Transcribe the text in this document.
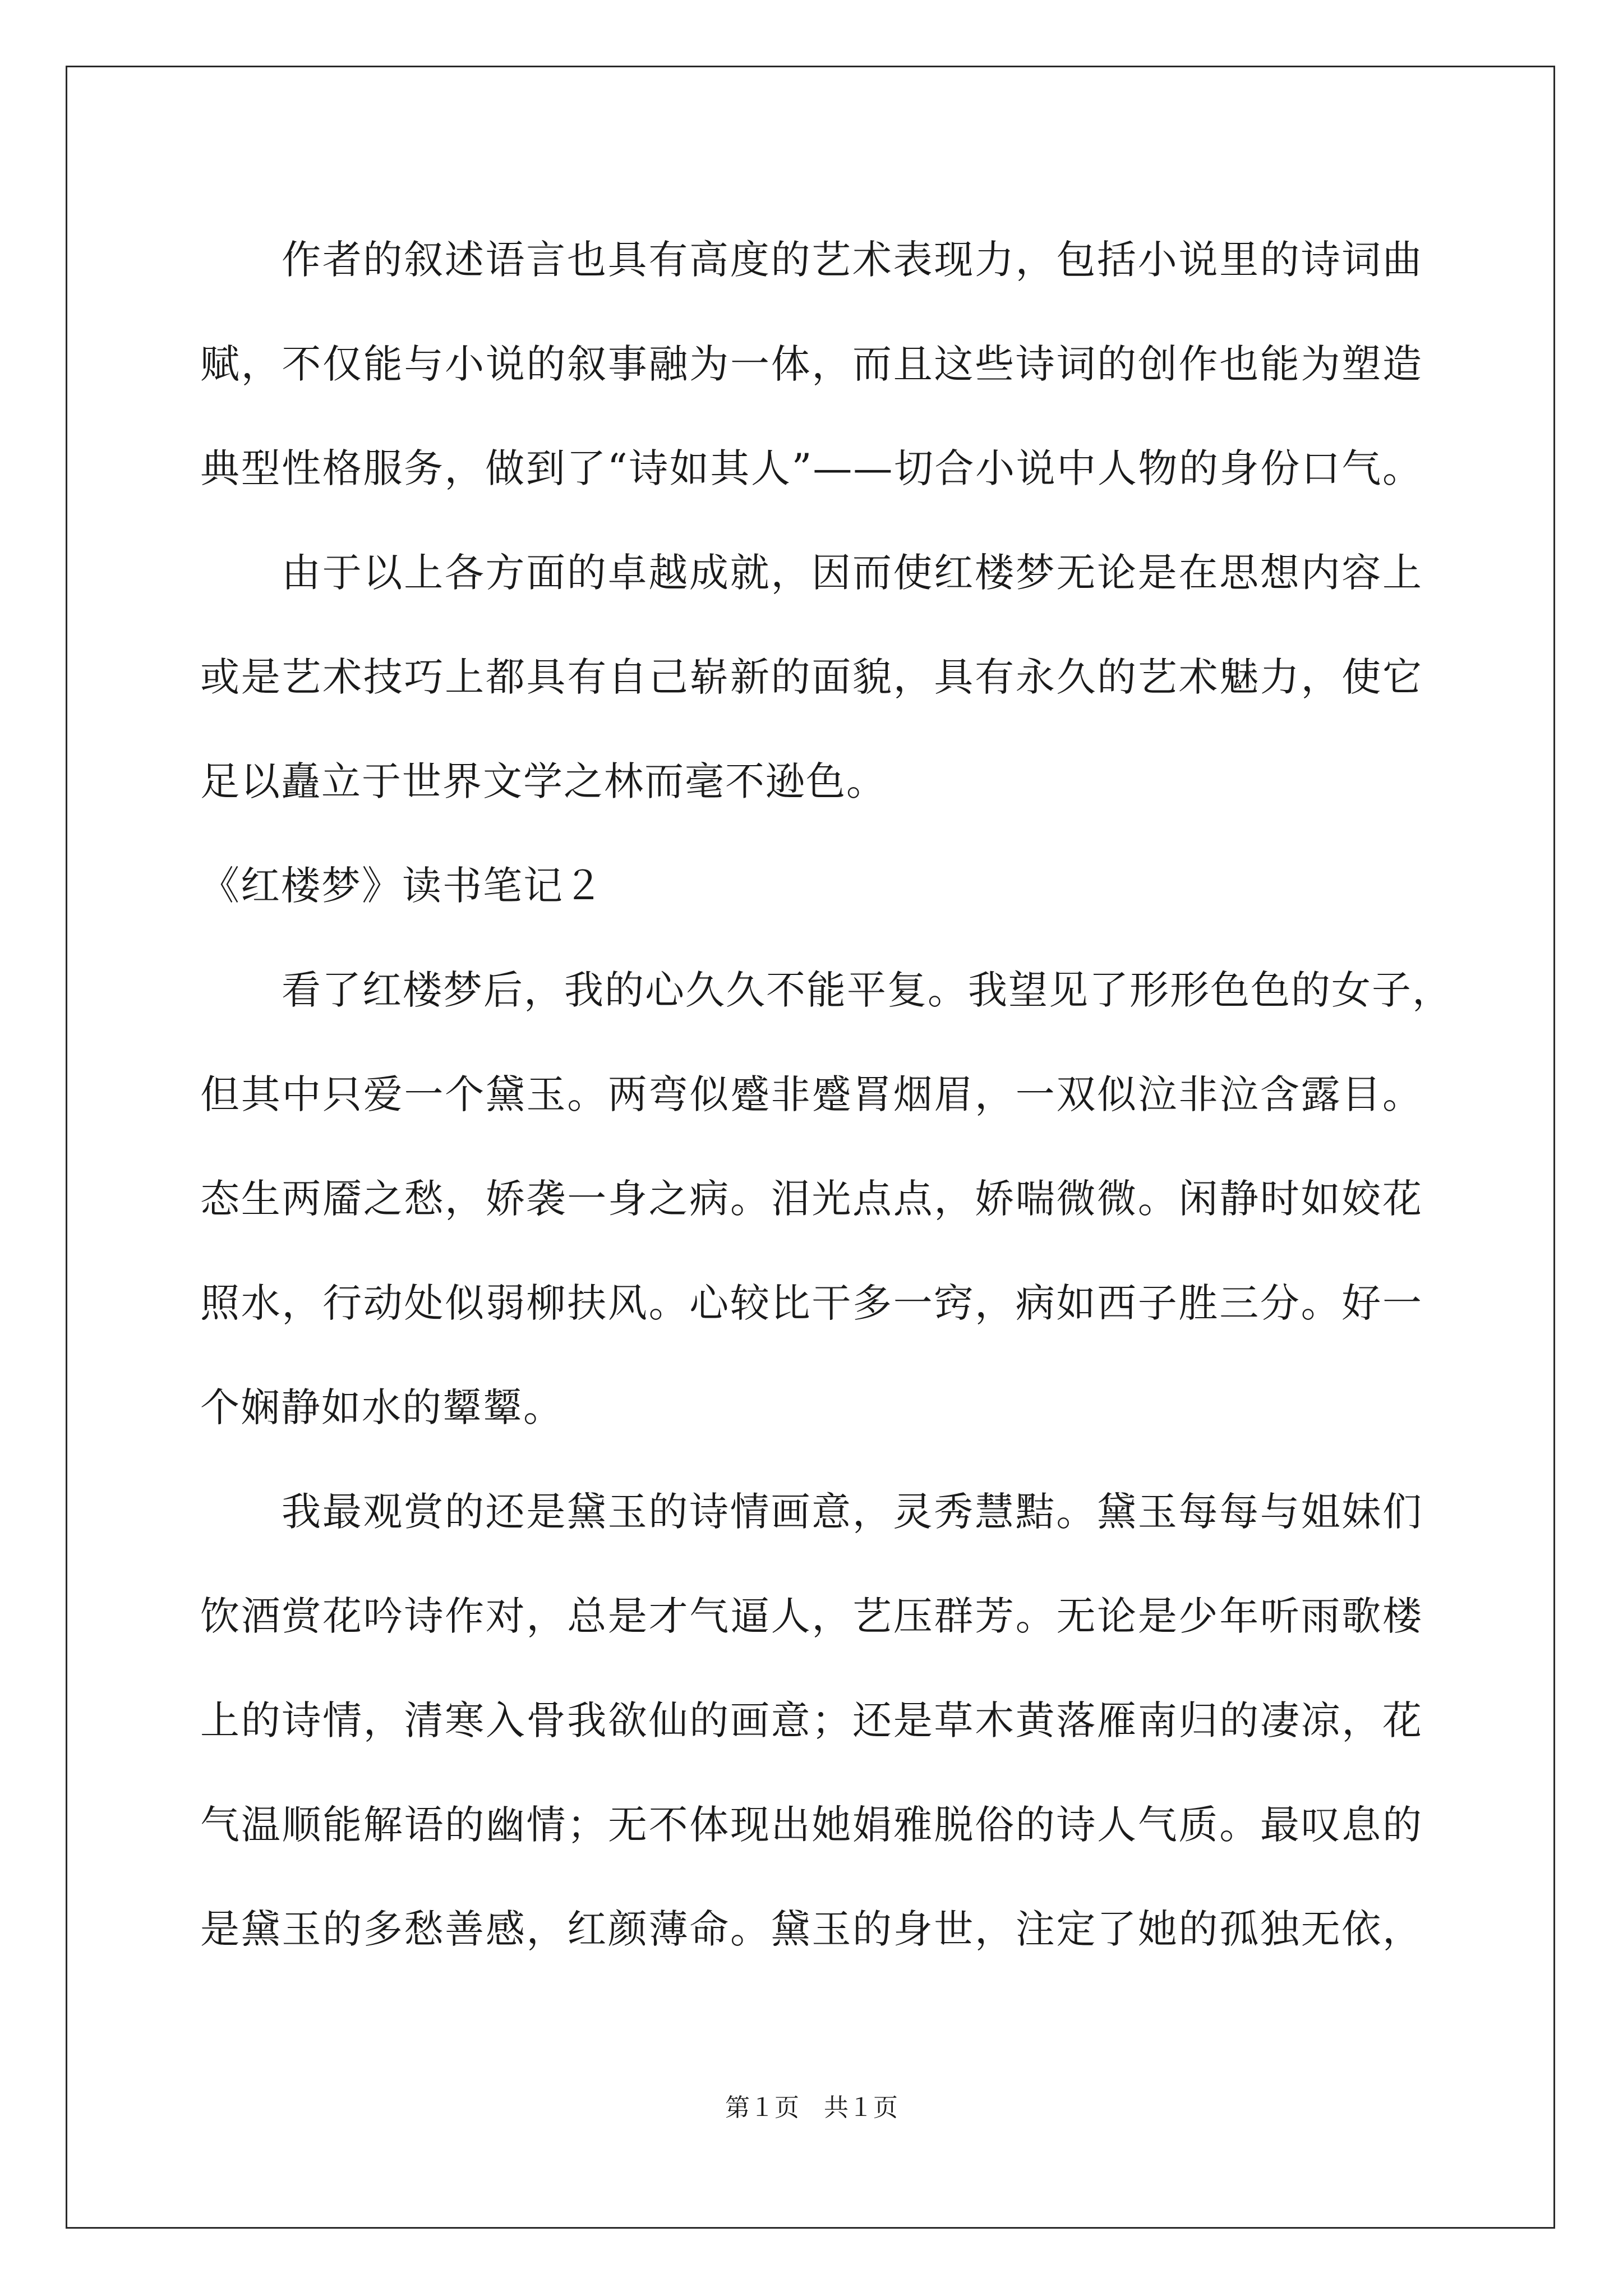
作者的叙述语言也具有高度的艺术表现力，包括小说里的诗词曲
赋，不仅能与小说的叙事融为一体，而且这些诗词的创作也能为塑造
典型性格服务，做到了“诗如其人”——切合小说中人物的身份口气。
由于以上各方面的卓越成就，因而使红楼梦无论是在思想内容上
或是艺术技巧上都具有自己崭新的面貌，具有永久的艺术魅力，使它
足以矗立于世界文学之林而毫不逊色。
《红楼梦》读书笔记２
看了红楼梦后，我的心久久不能平复。我望见了形形色色的女子，
但其中只爱一个黛玉。两弯似蹙非蹙罥烟眉，一双似泣非泣含露目。
态生两靥之愁，娇袭一身之病。泪光点点，娇喘微微。闲静时如姣花
照水，行动处似弱柳扶风。心较比干多一窍，病如西子胜三分。好一
个娴静如水的颦颦。
我最观赏的还是黛玉的诗情画意，灵秀慧黠。黛玉每每与姐妹们
饮酒赏花吟诗作对，总是才气逼人，艺压群芳。无论是少年听雨歌楼
上的诗情，清寒入骨我欲仙的画意；还是草木黄落雁南归的凄凉，花
气温顺能解语的幽情；无不体现出她娟雅脱俗的诗人气质。最叹息的
是黛玉的多愁善感，红颜薄命。黛玉的身世，注定了她的孤独无依，
第１页　共１页
